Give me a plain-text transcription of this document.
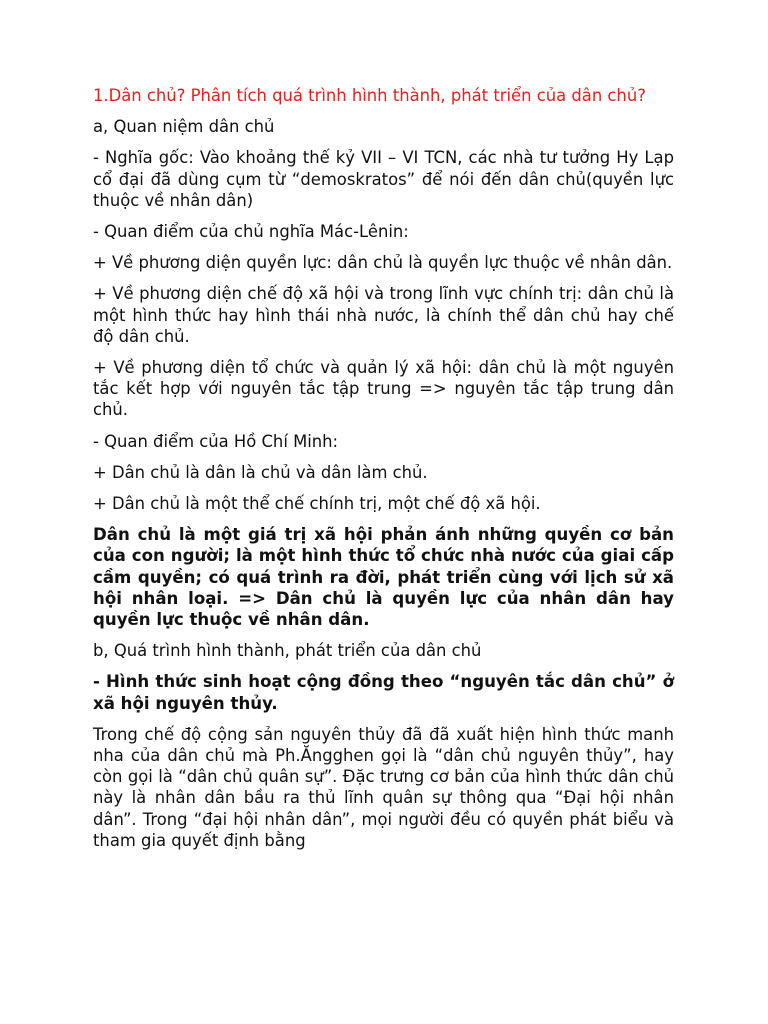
1.Dân chủ? Phân tích quá trình hình thành, phát triển của dân chủ?

a, Quan niệm dân chủ

- Nghĩa gốc: Vào khoảng thế kỷ VII – VI TCN, các nhà tư tưởng Hy Lạp cổ đại đã dùng cụm từ “demoskratos” để nói đến dân chủ(quyền lực thuộc về nhân dân)

- Quan điểm của chủ nghĩa Mác-Lênin:

+ Về phương diện quyền lực: dân chủ là quyền lực thuộc về nhân dân.

+ Về phương diện chế độ xã hội và trong lĩnh vực chính trị: dân chủ là một hình thức hay hình thái nhà nước, là chính thể dân chủ hay chế độ dân chủ.

+ Về phương diện tổ chức và quản lý xã hội: dân chủ là một nguyên tắc kết hợp với nguyên tắc tập trung => nguyên tắc tập trung dân chủ.

- Quan điểm của Hồ Chí Minh:

+ Dân chủ là dân là chủ và dân làm chủ.

+ Dân chủ là một thể chế chính trị, một chế độ xã hội.

Dân chủ là một giá trị xã hội phản ánh những quyền cơ bản của con người; là một hình thức tổ chức nhà nước của giai cấp cầm quyền; có quá trình ra đời, phát triển cùng với lịch sử xã hội nhân loại. => Dân chủ là quyền lực của nhân dân hay quyền lực thuộc về nhân dân.

b, Quá trình hình thành, phát triển của dân chủ

- Hình thức sinh hoạt cộng đồng theo “nguyên tắc dân chủ” ở xã hội nguyên thủy.

Trong chế độ cộng sản nguyên thủy đã đã xuất hiện hình thức manh nha của dân chủ mà Ph.Ăngghen gọi là “dân chủ nguyên thủy”, hay còn gọi là “dân chủ quân sự”. Đặc trưng cơ bản của hình thức dân chủ này là nhân dân bầu ra thủ lĩnh quân sự thông qua “Đại hội nhân dân”. Trong “đại hội nhân dân”, mọi người đều có quyền phát biểu và tham gia quyết định bằng
